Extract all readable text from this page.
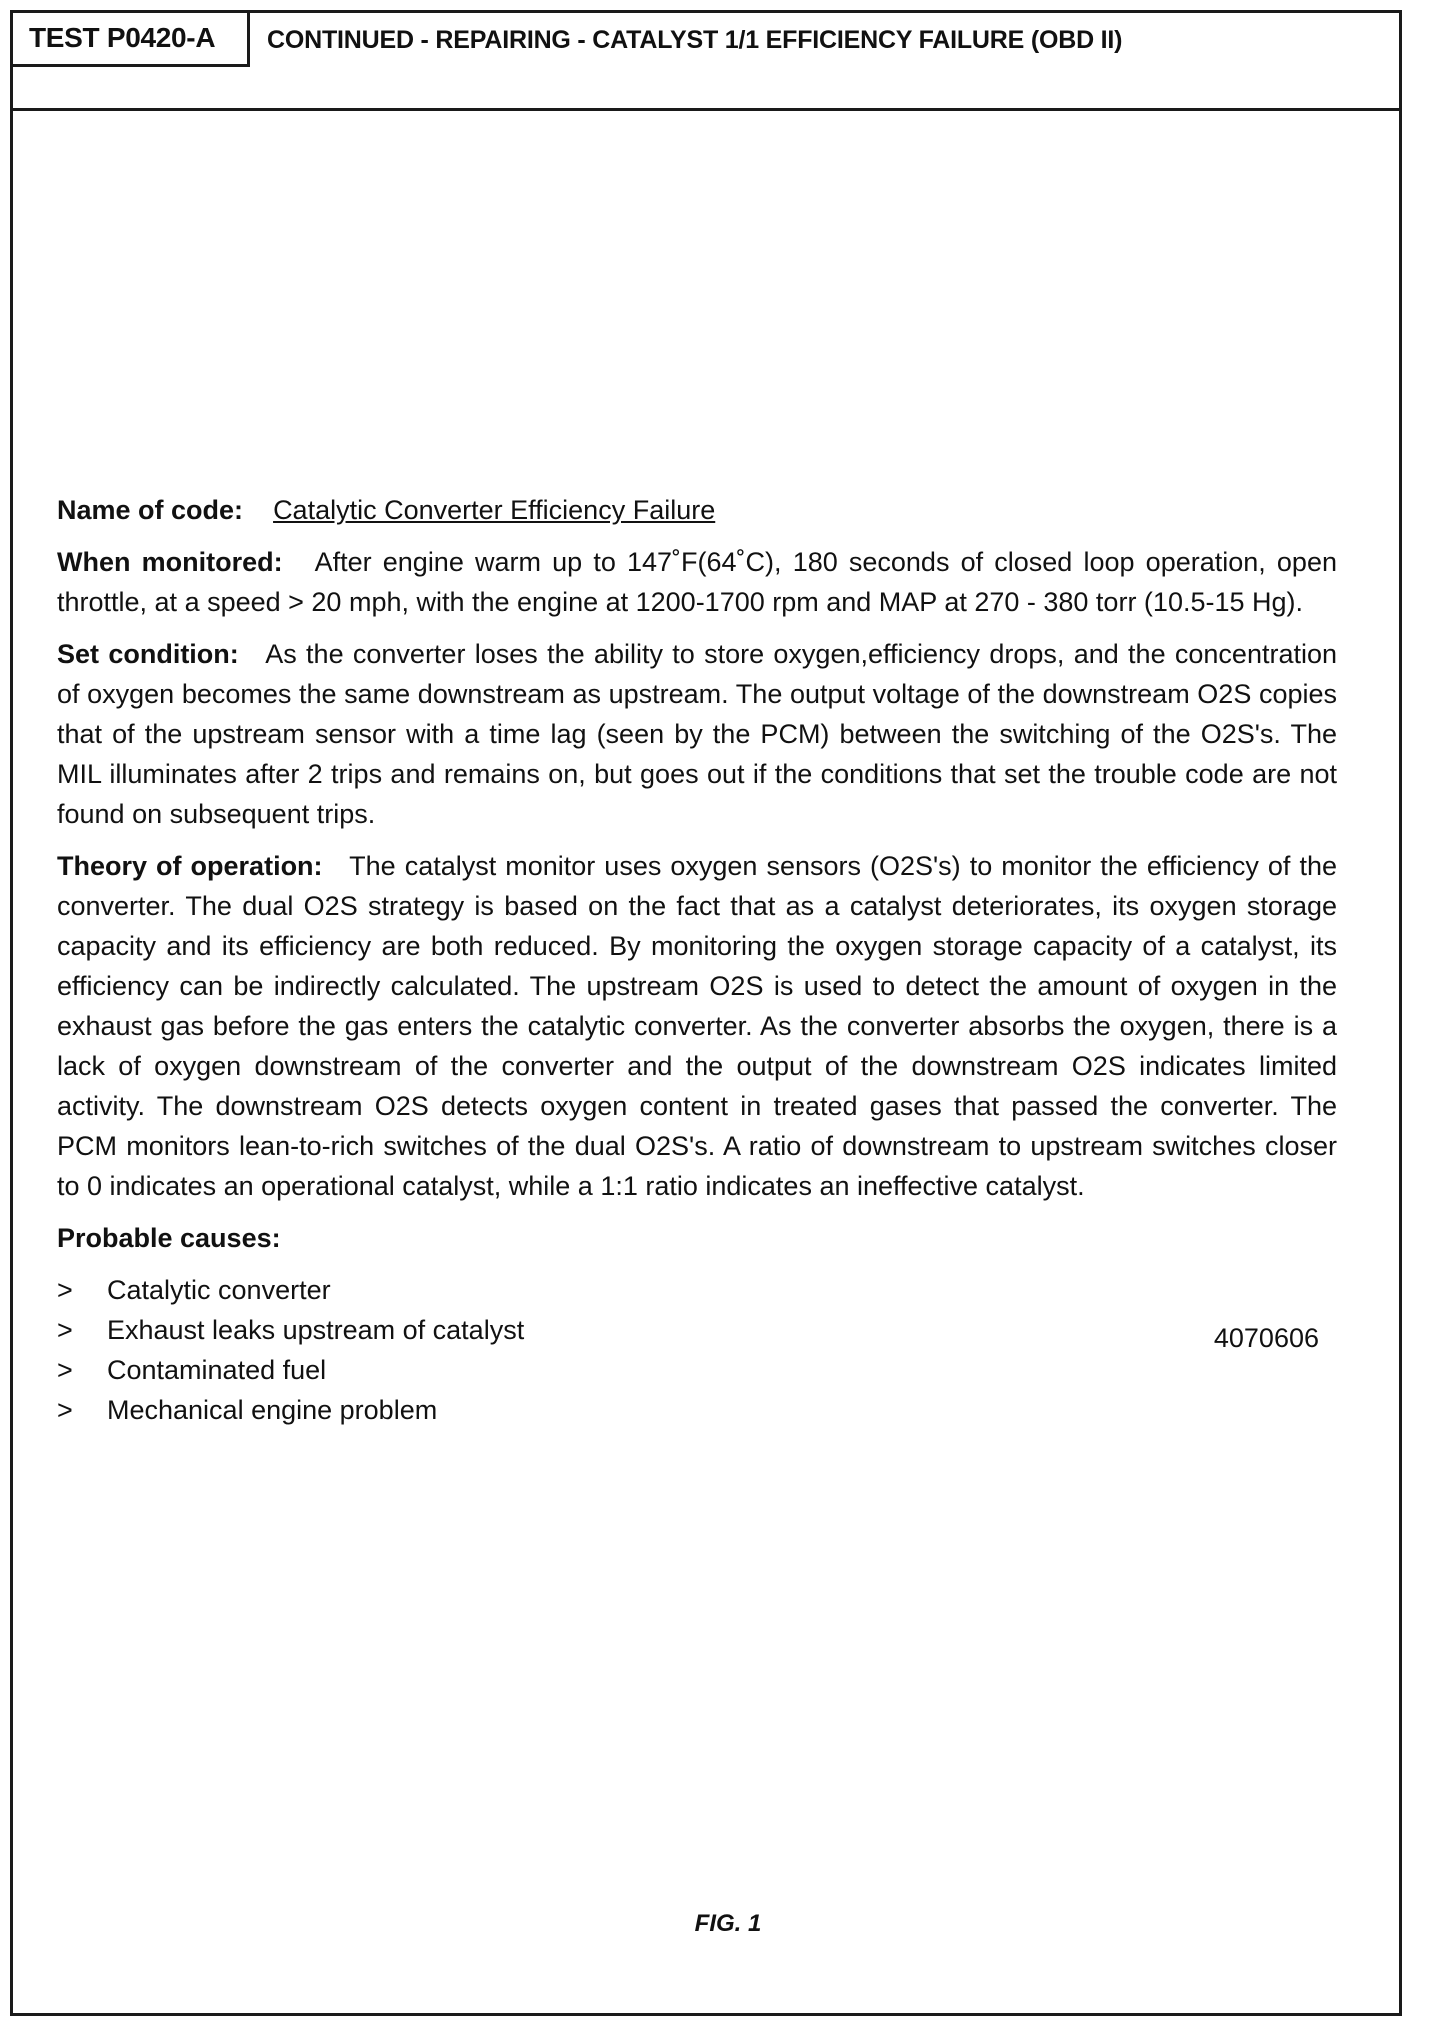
TEST P0420-A	CONTINUED - REPAIRING - CATALYST 1/1 EFFICIENCY FAILURE (OBD II)

Name of code: Catalytic Converter Efficiency Failure

When monitored: After engine warm up to 147˚F(64˚C), 180 seconds of closed loop operation, open throttle, at a speed > 20 mph, with the engine at 1200-1700 rpm and MAP at 270 - 380 torr (10.5-15 Hg).

Set condition: As the converter loses the ability to store oxygen,efficiency drops, and the concentration of oxygen becomes the same downstream as upstream. The output voltage of the downstream O2S copies that of the upstream sensor with a time lag (seen by the PCM) between the switching of the O2S's. The MIL illuminates after 2 trips and remains on, but goes out if the conditions that set the trouble code are not found on subsequent trips.

Theory of operation: The catalyst monitor uses oxygen sensors (O2S's) to monitor the efficiency of the converter. The dual O2S strategy is based on the fact that as a catalyst deteriorates, its oxygen storage capacity and its efficiency are both reduced. By monitoring the oxygen storage capacity of a catalyst, its efficiency can be indirectly calculated. The upstream O2S is used to detect the amount of oxygen in the exhaust gas before the gas enters the catalytic converter. As the converter absorbs the oxygen, there is a lack of oxygen downstream of the converter and the output of the downstream O2S indicates limited activity. The downstream O2S detects oxygen content in treated gases that passed the converter. The PCM monitors lean-to-rich switches of the dual O2S's. A ratio of downstream to upstream switches closer to 0 indicates an operational catalyst, while a 1:1 ratio indicates an ineffective catalyst.

Probable causes:

>	Catalytic converter
>	Exhaust leaks upstream of catalyst
>	Contaminated fuel
>	Mechanical engine problem
4070606
FIG. 1
